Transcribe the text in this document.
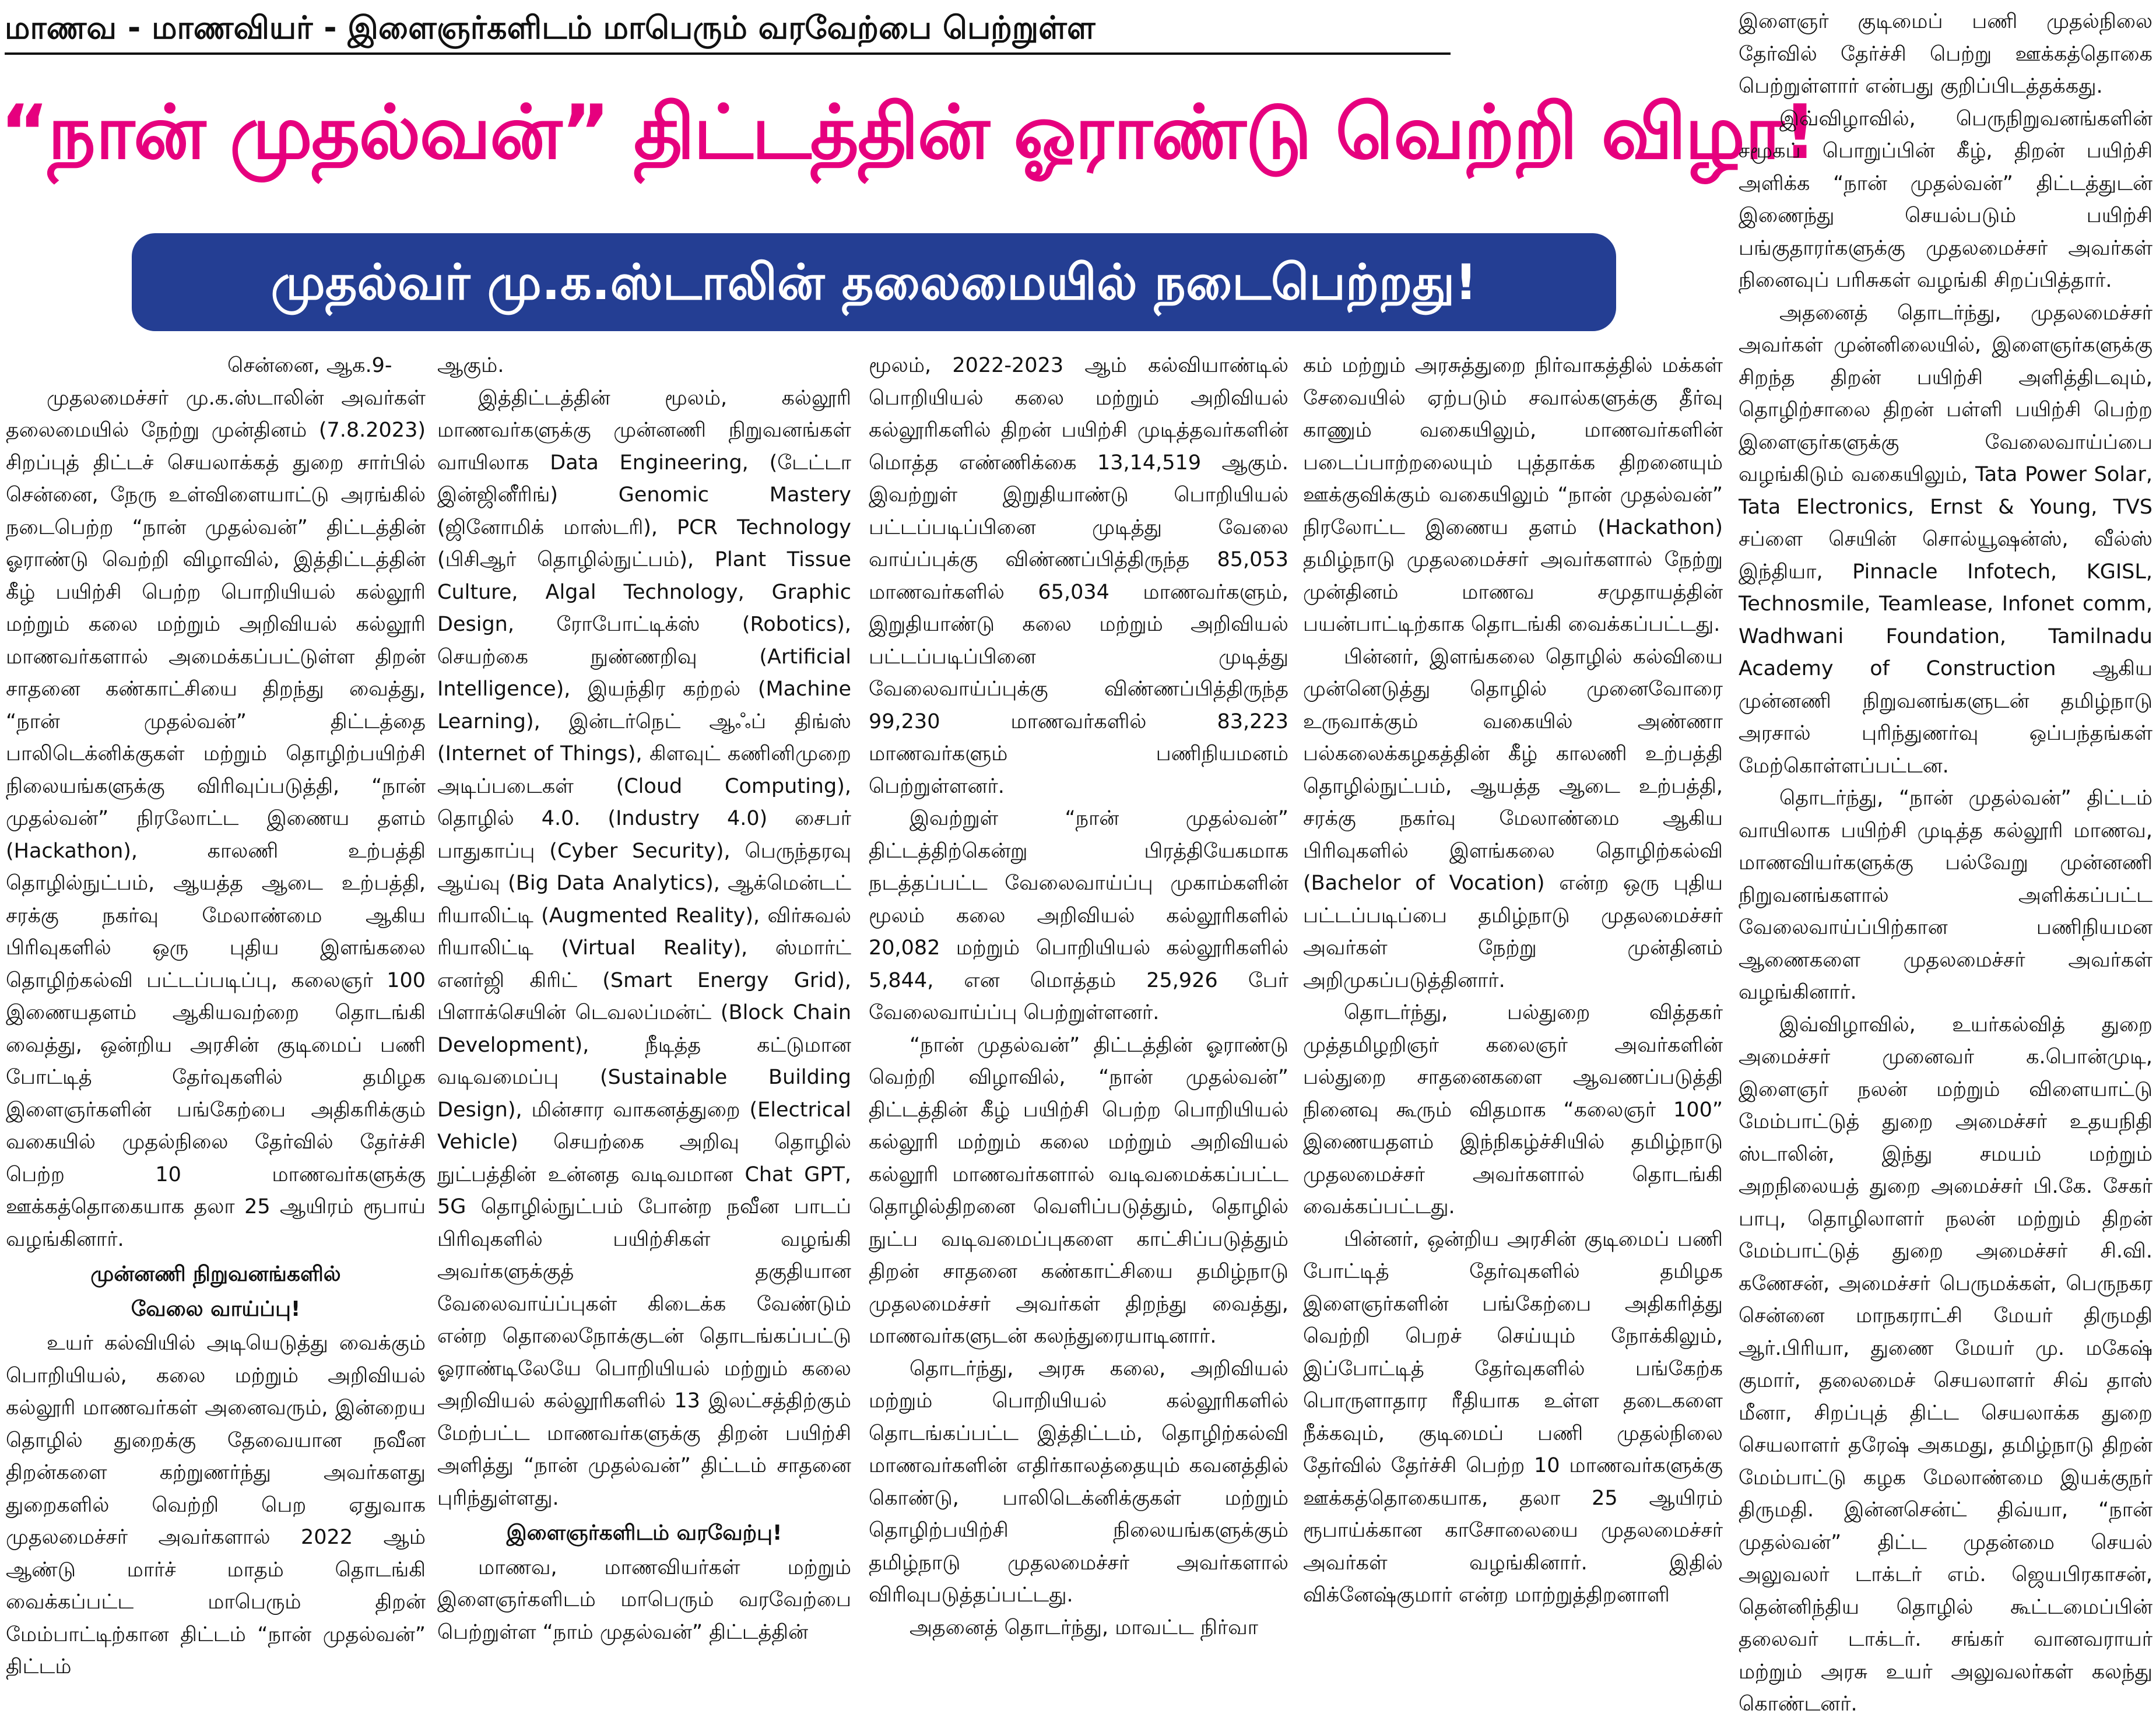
மாணவ - மாணவியர் - இளைஞர்களிடம் மாபெரும் வரவேற்பை பெற்றுள்ள
“நான் முதல்வன்” திட்டத்தின் ஓராண்டு வெற்றி விழா!
முதல்வர் மு.க.ஸ்டாலின் தலைமையில் நடைபெற்றது!

சென்னை, ஆக.9-

முதலமைச்சர் மு.க.ஸ்டாலின் அவர்கள் தலைமையில் நேற்று முன்தினம் (7.8.2023) சிறப்புத் திட்டச் செயலாக்கத் துறை சார்பில் சென்னை, நேரு உள்விளையாட்டு அரங்கில் நடைபெற்ற “நான் முதல்வன்” திட்டத்தின் ஓராண்டு வெற்றி விழாவில், இத்திட்டத்தின் கீழ் பயிற்சி பெற்ற பொறியியல் கல்லூரி மற்றும் கலை மற்றும் அறிவியல் கல்லூரி மாணவர்களால் அமைக்கப்பட்டுள்ள திறன் சாதனை கண்காட்சியை திறந்து வைத்து, “நான் முதல்வன்” திட்டத்தை பாலிடெக்னிக்குகள் மற்றும் தொழிற்பயிற்சி நிலையங்களுக்கு விரிவுப்படுத்தி, “நான் முதல்வன்” நிரலோட்ட இணைய தளம் (Hackathon), காலணி உற்பத்தி தொழில்நுட்பம், ஆயத்த ஆடை உற்பத்தி, சரக்கு நகர்வு மேலாண்மை ஆகிய பிரிவுகளில் ஒரு புதிய இளங்கலை தொழிற்கல்வி பட்டப்படிப்பு, கலைஞர் 100 இணையதளம் ஆகியவற்றை தொடங்கி வைத்து, ஒன்றிய அரசின் குடிமைப் பணி போட்டித் தேர்வுகளில் தமிழக இளைஞர்களின் பங்கேற்பை அதிகரிக்கும் வகையில் முதல்நிலை தேர்வில் தேர்ச்சி பெற்ற 10 மாணவர்களுக்கு ஊக்கத்தொகையாக தலா 25 ஆயிரம் ரூபாய் வழங்கினார்.

முன்னணி நிறுவனங்களில்
வேலை வாய்ப்பு!

உயர் கல்வியில் அடியெடுத்து வைக்கும் பொறியியல், கலை மற்றும் அறிவியல் கல்லூரி மாணவர்கள் அனைவரும், இன்றைய தொழில் துறைக்கு தேவையான நவீன திறன்களை கற்றுணர்ந்து அவர்களது துறைகளில் வெற்றி பெற ஏதுவாக முதலமைச்சர் அவர்களால் 2022 ஆம் ஆண்டு மார்ச் மாதம் தொடங்கி வைக்கப்பட்ட மாபெரும் திறன் மேம்பாட்டிற்கான திட்டம் “நான் முதல்வன்” திட்டம்

ஆகும்.

இத்திட்டத்தின் மூலம், கல்லூரி மாணவர்களுக்கு முன்னணி நிறுவனங்கள் வாயிலாக Data Engineering, (டேட்டா இன்ஜினீரிங்) Genomic Mastery (ஜினோமிக் மாஸ்டரி), PCR Technology (பிசிஆர் தொழில்நுட்பம்), Plant Tissue Culture, Algal Technology, Graphic Design, ரோபோட்டிக்ஸ் (Robotics), செயற்கை நுண்ணறிவு (Artificial Intelligence), இயந்திர கற்றல் (Machine Learning), இன்டர்நெட் ஆஃப் திங்ஸ் (Internet of Things), கிளவுட் கணினிமுறை அடிப்படைகள் (Cloud Computing), தொழில் 4.0. (Industry 4.0) சைபர் பாதுகாப்பு (Cyber Security), பெருந்தரவு ஆய்வு (Big Data Analytics), ஆக்மென்டட் ரியாலிட்டி (Augmented Reality), விர்சுவல் ரியாலிட்டி (Virtual Reality), ஸ்மார்ட் எனர்ஜி கிரிட் (Smart Energy Grid), பிளாக்செயின் டெவலப்மன்ட் (Block Chain Development), நீடித்த கட்டுமான வடிவமைப்பு (Sustainable Building Design), மின்சார வாகனத்துறை (Electrical Vehicle) செயற்கை அறிவு தொழில் நுட்பத்தின் உன்னத வடிவமான Chat GPT, 5G தொழில்நுட்பம் போன்ற நவீன பாடப் பிரிவுகளில் பயிற்சிகள் வழங்கி அவர்களுக்குத் தகுதியான வேலைவாய்ப்புகள் கிடைக்க வேண்டும் என்ற தொலைநோக்குடன் தொடங்கப்பட்டு ஓராண்டிலேயே பொறியியல் மற்றும் கலை அறிவியல் கல்லூரிகளில் 13 இலட்சத்திற்கும் மேற்பட்ட மாணவர்களுக்கு திறன் பயிற்சி அளித்து “நான் முதல்வன்” திட்டம் சாதனை புரிந்துள்ளது.

இளைஞர்களிடம் வரவேற்பு!

மாணவ, மாணவியர்கள் மற்றும் இளைஞர்களிடம் மாபெரும் வரவேற்பை பெற்றுள்ள “நாம் முதல்வன்” திட்டத்தின்

மூலம், 2022-2023 ஆம் கல்வியாண்டில் பொறியியல் கலை மற்றும் அறிவியல் கல்லூரிகளில் திறன் பயிற்சி முடித்தவர்களின் மொத்த எண்ணிக்கை 13,14,519 ஆகும். இவற்றுள் இறுதியாண்டு பொறியியல் பட்டப்படிப்பினை முடித்து வேலை வாய்ப்புக்கு விண்ணப்பித்திருந்த 85,053 மாணவர்களில் 65,034 மாணவர்களும், இறுதியாண்டு கலை மற்றும் அறிவியல் பட்டப்படிப்பினை முடித்து வேலைவாய்ப்புக்கு விண்ணப்பித்திருந்த 99,230 மாணவர்களில் 83,223 மாணவர்களும் பணிநியமனம் பெற்றுள்ளனர்.

இவற்றுள் “நான் முதல்வன்” திட்டத்திற்கென்று பிரத்தியேகமாக நடத்தப்பட்ட வேலைவாய்ப்பு முகாம்களின் மூலம் கலை அறிவியல் கல்லூரிகளில் 20,082 மற்றும் பொறியியல் கல்லூரிகளில் 5,844, என மொத்தம் 25,926 பேர் வேலைவாய்ப்பு பெற்றுள்ளனர்.

“நான் முதல்வன்” திட்டத்தின் ஓராண்டு வெற்றி விழாவில், “நான் முதல்வன்” திட்டத்தின் கீழ் பயிற்சி பெற்ற பொறியியல் கல்லூரி மற்றும் கலை மற்றும் அறிவியல் கல்லூரி மாணவர்களால் வடிவமைக்கப்பட்ட தொழில்திறனை வெளிப்படுத்தும், தொழில் நுட்ப வடிவமைப்புகளை காட்சிப்படுத்தும் திறன் சாதனை கண்காட்சியை தமிழ்நாடு முதலமைச்சர் அவர்கள் திறந்து வைத்து, மாணவர்களுடன் கலந்துரையாடினார்.

தொடர்ந்து, அரசு கலை, அறிவியல் மற்றும் பொறியியல் கல்லூரிகளில் தொடங்கப்பட்ட இத்திட்டம், தொழிற்கல்வி மாணவர்களின் எதிர்காலத்தையும் கவனத்தில் கொண்டு, பாலிடெக்னிக்குகள் மற்றும் தொழிற்பயிற்சி நிலையங்களுக்கும் தமிழ்நாடு முதலமைச்சர் அவர்களால் விரிவுபடுத்தப்பட்டது.

அதனைத் தொடர்ந்து, மாவட்ட நிர்வா

கம் மற்றும் அரசுத்துறை நிர்வாகத்தில் மக்கள் சேவையில் ஏற்படும் சவால்களுக்கு தீர்வு காணும் வகையிலும், மாணவர்களின் படைப்பாற்றலையும் புத்தாக்க திறனையும் ஊக்குவிக்கும் வகையிலும் “நான் முதல்வன்” நிரலோட்ட இணைய தளம் (Hackathon) தமிழ்நாடு முதலமைச்சர் அவர்களால் நேற்று முன்தினம் மாணவ சமுதாயத்தின் பயன்பாட்டிற்காக தொடங்கி வைக்கப்பட்டது.

பின்னர், இளங்கலை தொழில் கல்வியை முன்னெடுத்து தொழில் முனைவோரை உருவாக்கும் வகையில் அண்ணா பல்கலைக்கழகத்தின் கீழ் காலணி உற்பத்தி தொழில்நுட்பம், ஆயத்த ஆடை உற்பத்தி, சரக்கு நகர்வு மேலாண்மை ஆகிய பிரிவுகளில் இளங்கலை தொழிற்கல்வி (Bachelor of Vocation) என்ற ஒரு புதிய பட்டப்படிப்பை தமிழ்நாடு முதலமைச்சர் அவர்கள் நேற்று முன்தினம் அறிமுகப்படுத்தினார்.

தொடர்ந்து, பல்துறை வித்தகர் முத்தமிழறிஞர் கலைஞர் அவர்களின் பல்துறை சாதனைகளை ஆவணப்படுத்தி நினைவு கூரும் விதமாக “கலைஞர் 100” இணையதளம் இந்நிகழ்ச்சியில் தமிழ்நாடு முதலமைச்சர் அவர்களால் தொடங்கி வைக்கப்பட்டது.

பின்னர், ஒன்றிய அரசின் குடிமைப் பணி போட்டித் தேர்வுகளில் தமிழக இளைஞர்களின் பங்கேற்பை அதிகரித்து வெற்றி பெறச் செய்யும் நோக்கிலும், இப்போட்டித் தேர்வுகளில் பங்கேற்க பொருளாதார ரீதியாக உள்ள தடைகளை நீக்கவும், குடிமைப் பணி முதல்நிலை தேர்வில் தேர்ச்சி பெற்ற 10 மாணவர்களுக்கு ஊக்கத்தொகையாக, தலா 25 ஆயிரம் ரூபாய்க்கான காசோலையை முதலமைச்சர் அவர்கள் வழங்கினார். இதில் விக்னேஷ்குமார் என்ற மாற்றுத்திறனாளி

இளைஞர் குடிமைப் பணி முதல்நிலை தேர்வில் தேர்ச்சி பெற்று ஊக்கத்தொகை பெற்றுள்ளார் என்பது குறிப்பிடத்தக்கது.

இவ்விழாவில், பெருநிறுவனங்களின் சமூகப் பொறுப்பின் கீழ், திறன் பயிற்சி அளிக்க “நான் முதல்வன்” திட்டத்துடன் இணைந்து செயல்படும் பயிற்சி பங்குதாரர்களுக்கு முதலமைச்சர் அவர்கள் நினைவுப் பரிசுகள் வழங்கி சிறப்பித்தார்.

அதனைத் தொடர்ந்து, முதலமைச்சர் அவர்கள் முன்னிலையில், இளைஞர்களுக்கு சிறந்த திறன் பயிற்சி அளித்திடவும், தொழிற்சாலை திறன் பள்ளி பயிற்சி பெற்ற இளைஞர்களுக்கு வேலைவாய்ப்பை வழங்கிடும் வகையிலும், Tata Power Solar, Tata Electronics, Ernst & Young, TVS சப்ளை செயின் சொல்யூஷன்ஸ், வீல்ஸ் இந்தியா, Pinnacle Infotech, KGISL, Technosmile, Teamlease, Infonet comm, Wadhwani Foundation, Tamilnadu Academy of Construction ஆகிய முன்னணி நிறுவனங்களுடன் தமிழ்நாடு அரசால் புரிந்துணர்வு ஒப்பந்தங்கள் மேற்கொள்ளப்பட்டன.

தொடர்ந்து, “நான் முதல்வன்” திட்டம் வாயிலாக பயிற்சி முடித்த கல்லூரி மாணவ, மாணவியர்களுக்கு பல்வேறு முன்னணி நிறுவனங்களால் அளிக்கப்பட்ட வேலைவாய்ப்பிற்கான பணிநியமன ஆணைகளை முதலமைச்சர் அவர்கள் வழங்கினார்.

இவ்விழாவில், உயர்கல்வித் துறை அமைச்சர் முனைவர் க.பொன்முடி, இளைஞர் நலன் மற்றும் விளையாட்டு மேம்பாட்டுத் துறை அமைச்சர் உதயநிதி ஸ்டாலின், இந்து சமயம் மற்றும் அறநிலையத் துறை அமைச்சர் பி.கே. சேகர் பாபு, தொழிலாளர் நலன் மற்றும் திறன் மேம்பாட்டுத் துறை அமைச்சர் சி.வி. கணேசன், அமைச்சர் பெருமக்கள், பெருநகர சென்னை மாநகராட்சி மேயர் திருமதி ஆர்.பிரியா, துணை மேயர் மு. மகேஷ் குமார், தலைமைச் செயலாளர் சிவ் தாஸ் மீனா, சிறப்புத் திட்ட செயலாக்க துறை செயலாளர் தரேஷ் அகமது, தமிழ்நாடு திறன் மேம்பாட்டு கழக மேலாண்மை இயக்குநர் திருமதி. இன்னசென்ட் திவ்யா, “நான் முதல்வன்” திட்ட முதன்மை செயல் அலுவலர் டாக்டர் எம். ஜெயபிரகாசன், தென்னிந்திய தொழில் கூட்டமைப்பின் தலைவர் டாக்டர். சங்கர் வானவராயர் மற்றும் அரசு உயர் அலுவலர்கள் கலந்து கொண்டனர்.
